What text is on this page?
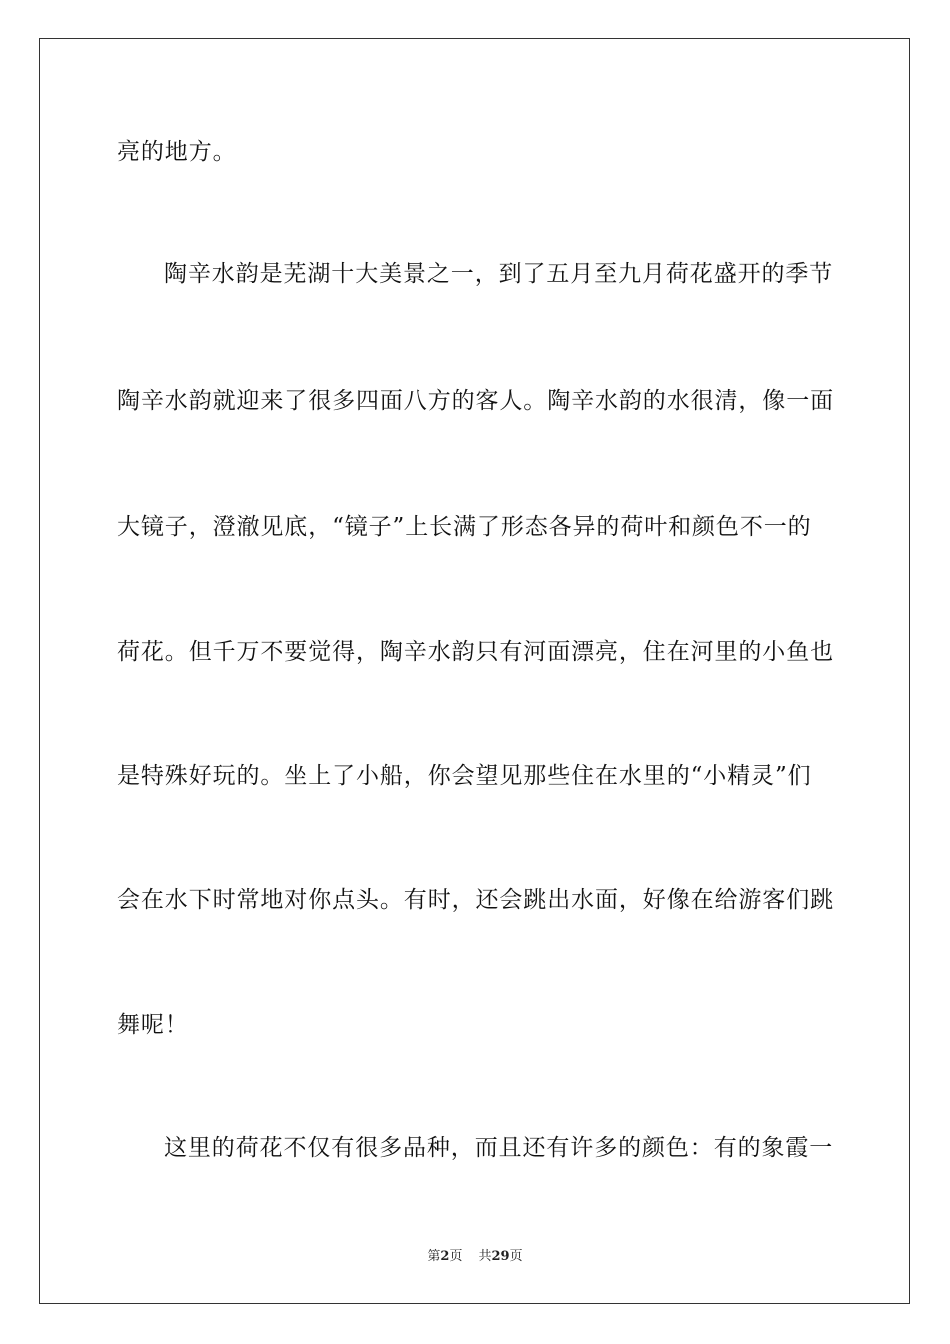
亮的地方。
陶辛水韵是芜湖十大美景之一，到了五月至九月荷花盛开的季节
陶辛水韵就迎来了很多四面八方的客人。陶辛水韵的水很清，像一面
大镜子，澄澈见底，“镜子”上长满了形态各异的荷叶和颜色不一的
荷花。但千万不要觉得，陶辛水韵只有河面漂亮，住在河里的小鱼也
是特殊好玩的。坐上了小船，你会望见那些住在水里的“小精灵”们
会在水下时常地对你点头。有时，还会跳出水面，好像在给游客们跳
舞呢！
这里的荷花不仅有很多品种，而且还有许多的颜色：有的象霞一
第2页 共29页
